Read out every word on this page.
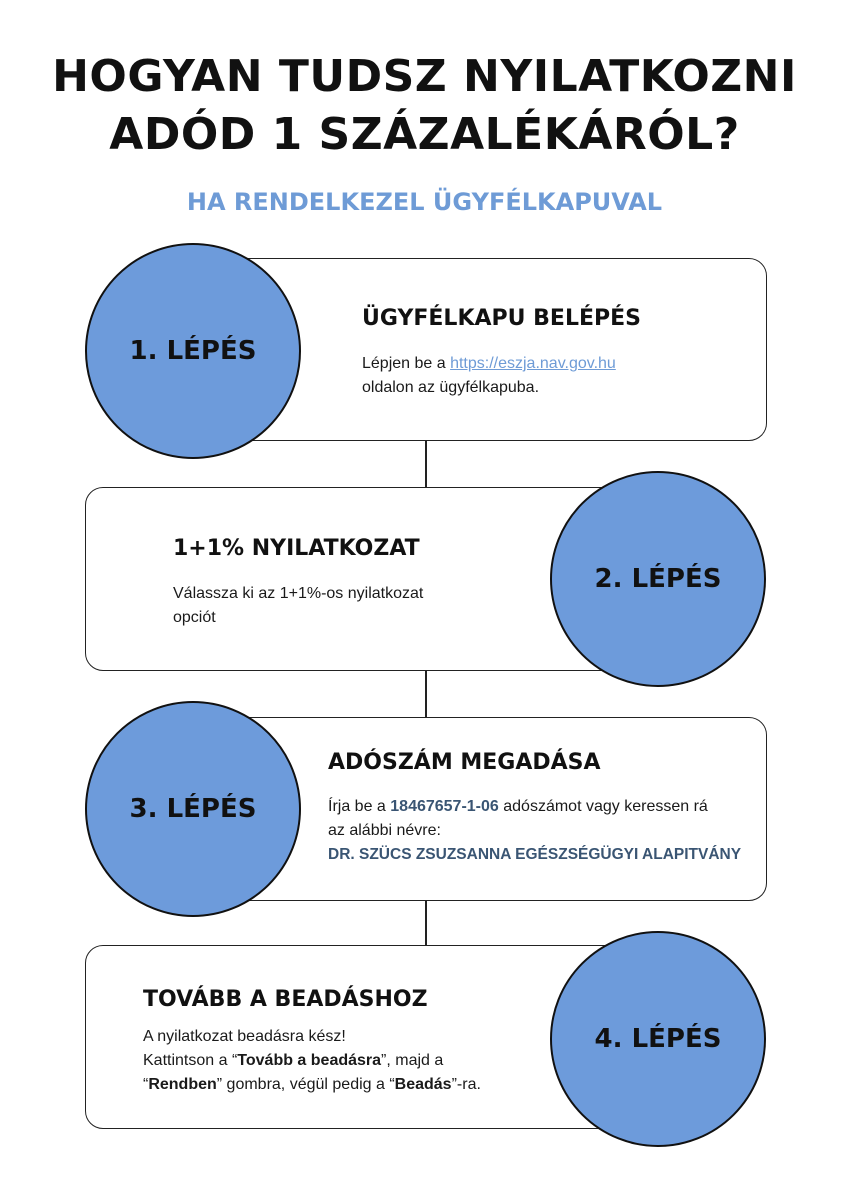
HOGYAN TUDSZ NYILATKOZNI
ADÓD 1 SZÁZALÉKÁRÓL?
HA RENDELKEZEL ÜGYFÉLKAPUVAL
1. LÉPÉS
ÜGYFÉLKAPU BELÉPÉS
Lépjen be a https://eszja.nav.gov.hu
oldalon az ügyfélkapuba.
2. LÉPÉS
1+1% NYILATKOZAT
Válassza ki az 1+1%-os nyilatkozat
opciót
3. LÉPÉS
ADÓSZÁM MEGADÁSA
Írja be a 18467657-1-06 adószámot vagy keressen rá
az alábbi névre:
DR. SZÜCS ZSUZSANNA EGÉSZSÉGÜGYI ALAPITVÁNY
4. LÉPÉS
TOVÁBB A BEADÁSHOZ
A nyilatkozat beadásra kész!
Kattintson a “Tovább a beadásra”, majd a
“Rendben” gombra, végül pedig a “Beadás”-ra.
